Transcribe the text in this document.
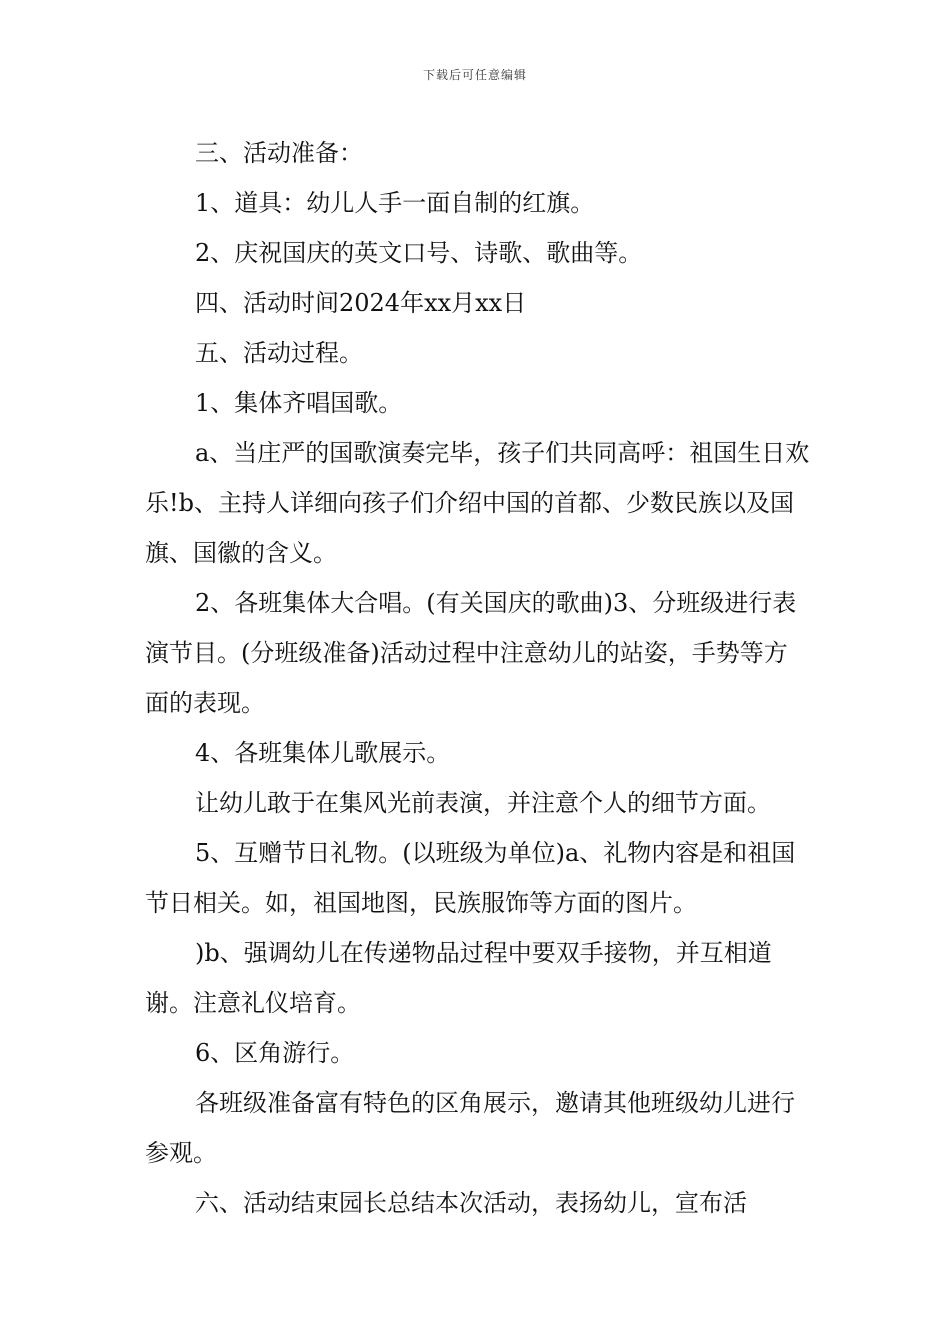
下载后可任意编辑

三、活动准备：

1、道具：幼儿人手一面自制的红旗。

2、庆祝国庆的英文口号、诗歌、歌曲等。

四、活动时间2024年xx月xx日

五、活动过程。

1、集体齐唱国歌。

a、当庄严的国歌演奏完毕，孩子们共同高呼：祖国生日欢乐!b、主持人详细向孩子们介绍中国的首都、少数民族以及国旗、国徽的含义。

2、各班集体大合唱。(有关国庆的歌曲)3、分班级进行表演节目。(分班级准备)活动过程中注意幼儿的站姿，手势等方面的表现。

4、各班集体儿歌展示。

让幼儿敢于在集风光前表演，并注意个人的细节方面。

5、互赠节日礼物。(以班级为单位)a、礼物内容是和祖国节日相关。如，祖国地图，民族服饰等方面的图片。

)b、强调幼儿在传递物品过程中要双手接物，并互相道谢。注意礼仪培育。

6、区角游行。

各班级准备富有特色的区角展示，邀请其他班级幼儿进行参观。

六、活动结束园长总结本次活动，表扬幼儿，宣布活
